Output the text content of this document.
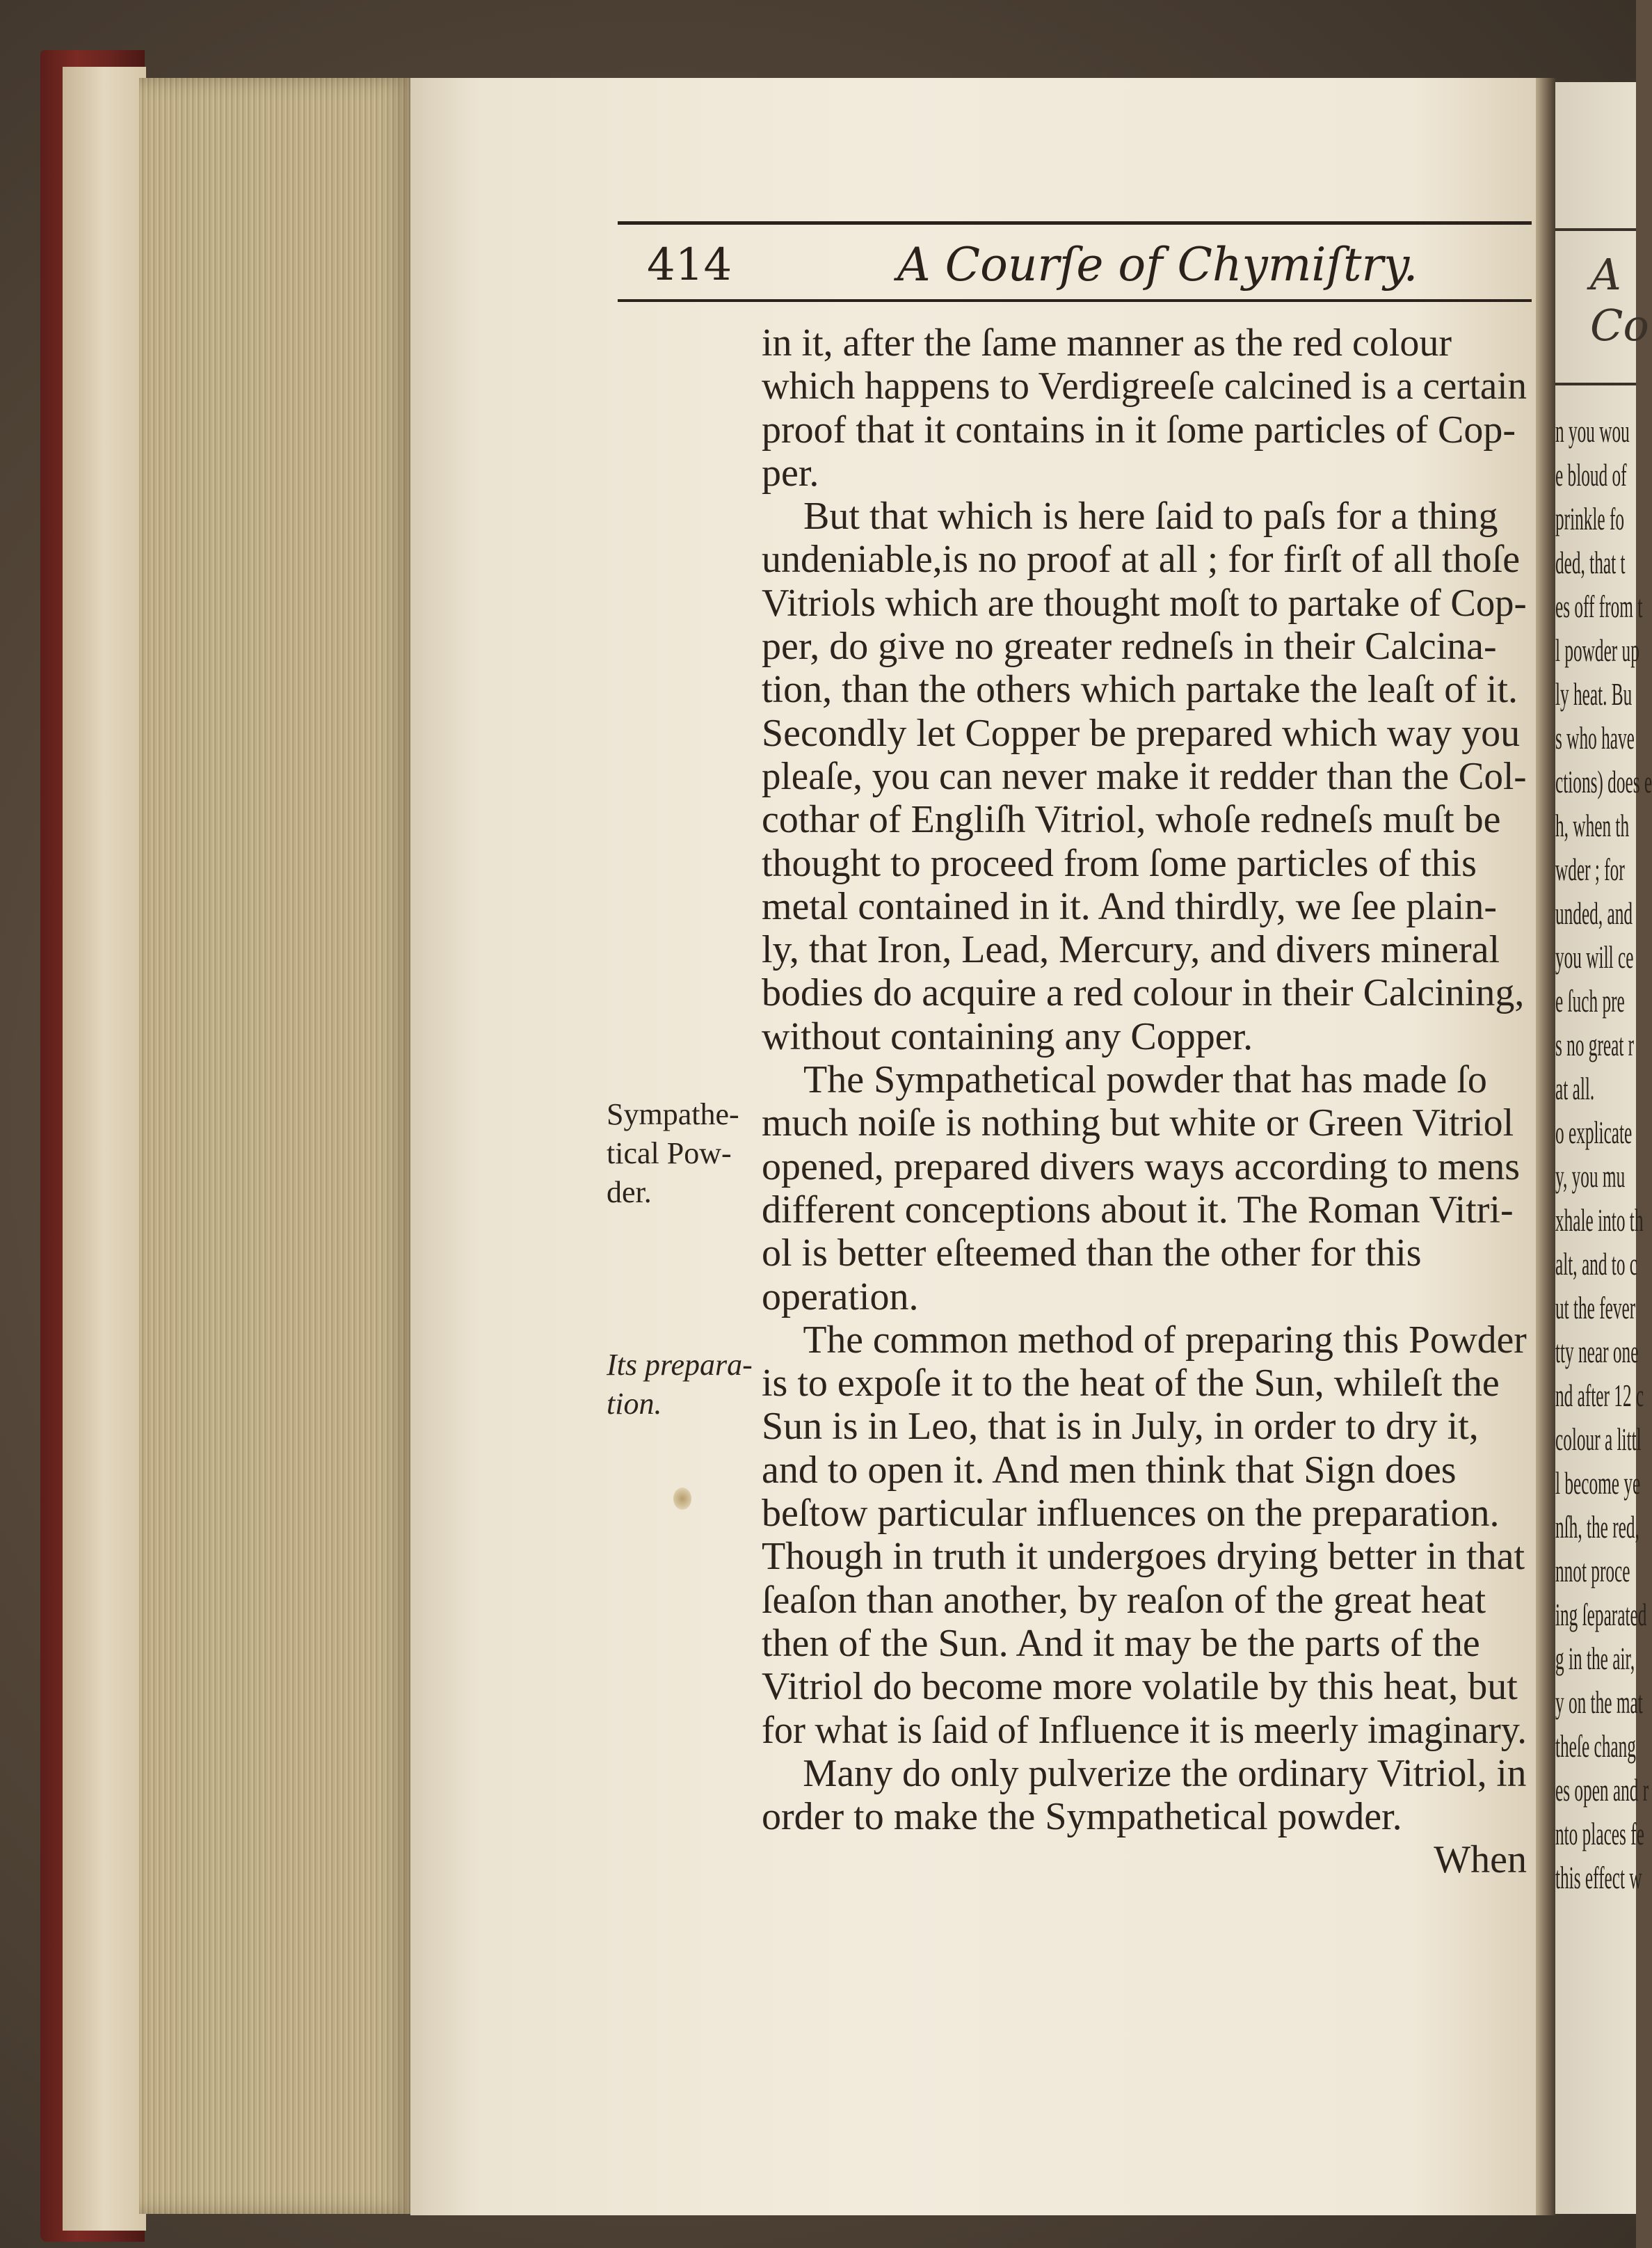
A Co
n you wou
e bloud of
prinkle fo
ded, that t
es off from t
l powder up
ly heat. Bu
s who have
ctions) does e
h, when th
wder ; for
unded, and
you will ce
e ſuch pre
s no great r
at all.
o explicate
y, you mu
xhale into th
alt, and to c
ut the fever
tty near one
nd after 12 c
colour a littl
l become ye
nſh, the red,
nnot proce
ing ſeparated
g in the air,
y on the mat
theſe chang
es open and r
nto places fe
this effect w
414	A Courſe of Chymiſtry.
Sympathe-
tical Pow-
der.
Its prepara-
tion.
in it, after the ſame manner as the red colour
which happens to Verdigreeſe calcined is a certain
proof that it contains in it ſome particles of Cop-
per.
But that which is here ſaid to paſs for a thing
undeniable,is no proof at all ; for firſt of all thoſe
Vitriols which are thought moſt to partake of Cop-
per, do give no greater redneſs in their Calcina-
tion, than the others which partake the leaſt of it.
Secondly let Copper be prepared which way you
pleaſe, you can never make it redder than the Col-
cothar of Engliſh Vitriol, whoſe redneſs muſt be
thought to proceed from ſome particles of this
metal contained in it. And thirdly, we ſee plain-
ly, that Iron, Lead, Mercury, and divers mineral
bodies do acquire a red colour in their Calcining,
without containing any Copper.
The Sympathetical powder that has made ſo
much noiſe is nothing but white or Green Vitriol
opened, prepared divers ways according to mens
different conceptions about it. The Roman Vitri-
ol is better eſteemed than the other for this
operation.
The common method of preparing this Powder
is to expoſe it to the heat of the Sun, whileſt the
Sun is in Leo, that is in July, in order to dry it,
and to open it. And men think that Sign does
beſtow particular influences on the preparation.
Though in truth it undergoes drying better in that
ſeaſon than another, by reaſon of the great heat
then of the Sun. And it may be the parts of the
Vitriol do become more volatile by this heat, but
for what is ſaid of Influence it is meerly imaginary.
Many do only pulverize the ordinary Vitriol, in
order to make the Sympathetical powder.
When
